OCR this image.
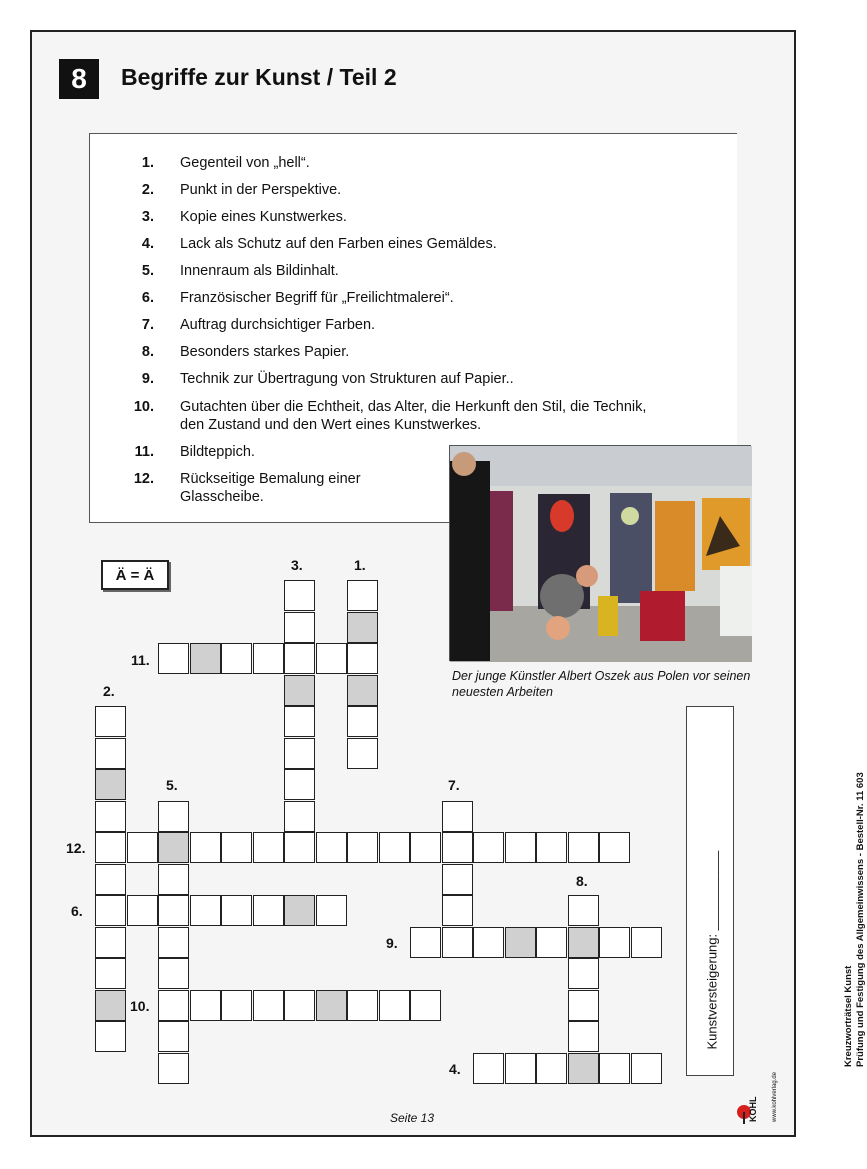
8	Begriffe zur Kunst / Teil 2
1. Gegenteil von „hell“.
2. Punkt in der Perspektive.
3. Kopie eines Kunstwerkes.
4. Lack als Schutz auf den Farben eines Gemäldes.
5. Innenraum als Bildinhalt.
6. Französischer Begriff für „Freilichtmalerei“.
7. Auftrag durchsichtiger Farben.
8. Besonders starkes Papier.
9. Technik zur Übertragung von Strukturen auf Papier..
10. Gutachten über die Echtheit, das Alter, die Herkunft den Stil, die Technik,
den Zustand und den Wert eines Kunstwerkes.
11. Bildteppich.
12. Rückseitige Bemalung einer
Glasscheibe.
Der junge Künstler Albert Oszek aus Polen vor seinen neuesten Arbeiten
Ä = Ä
3.	1.
11.
2.
5.	7.
12.
8.
6.
9.
10.
4.
Kunstversteigerung: ___________	Kreuzworträtsel Kunst Prüfung und Festigung des Allgemeinwissens - Bestell-Nr. 11 603
KOHL www.kohlverlag.de
Seite 13
